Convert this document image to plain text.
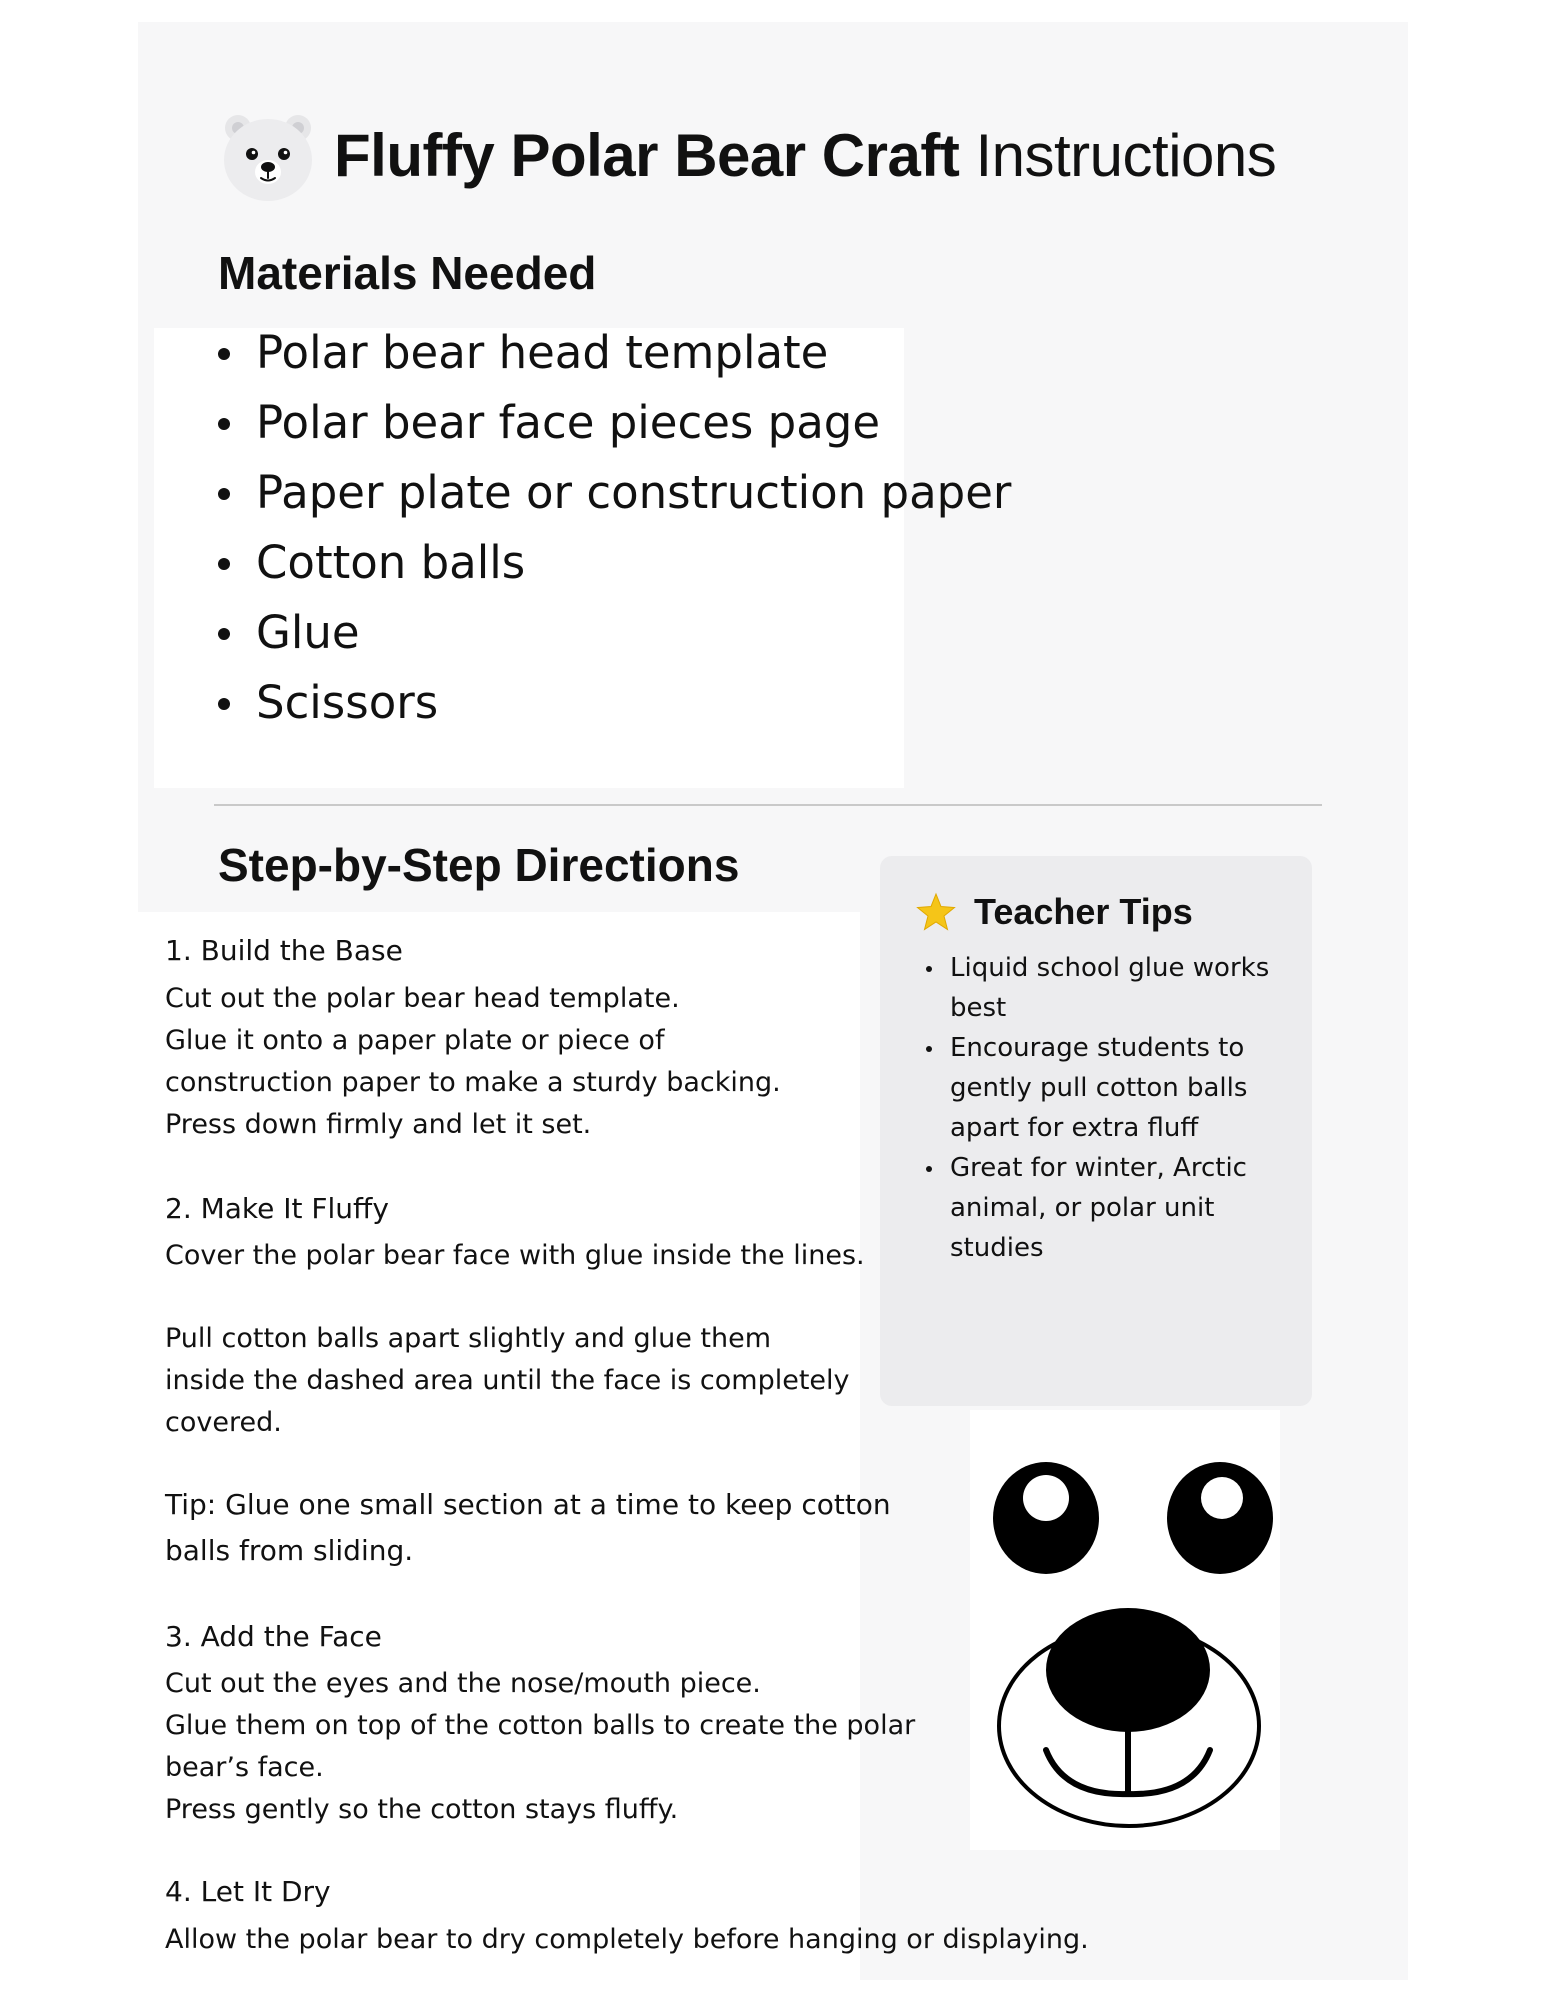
Fluffy Polar Bear Craft Instructions
Materials Needed
Polar bear head template
Polar bear face pieces page
Paper plate or construction paper
Cotton balls
Glue
Scissors
Step-by-Step Directions
Teacher Tips
Liquid school glue works
best
Encourage students to
gently pull cotton balls
apart for extra fluff
Great for winter, Arctic
animal, or polar unit
studies
1. Build the Base
Cut out the polar bear head template.
Glue it onto a paper plate or piece of
construction paper to make a sturdy backing.
Press down firmly and let it set.
2. Make It Fluffy
Cover the polar bear face with glue inside the lines.
Pull cotton balls apart slightly and glue them
inside the dashed area until the face is completely
covered.
Tip: Glue one small section at a time to keep cotton
balls from sliding.
3. Add the Face
Cut out the eyes and the nose/mouth piece.
Glue them on top of the cotton balls to create the polar
bear’s face.
Press gently so the cotton stays fluffy.
4. Let It Dry
Allow the polar bear to dry completely before hanging or displaying.
